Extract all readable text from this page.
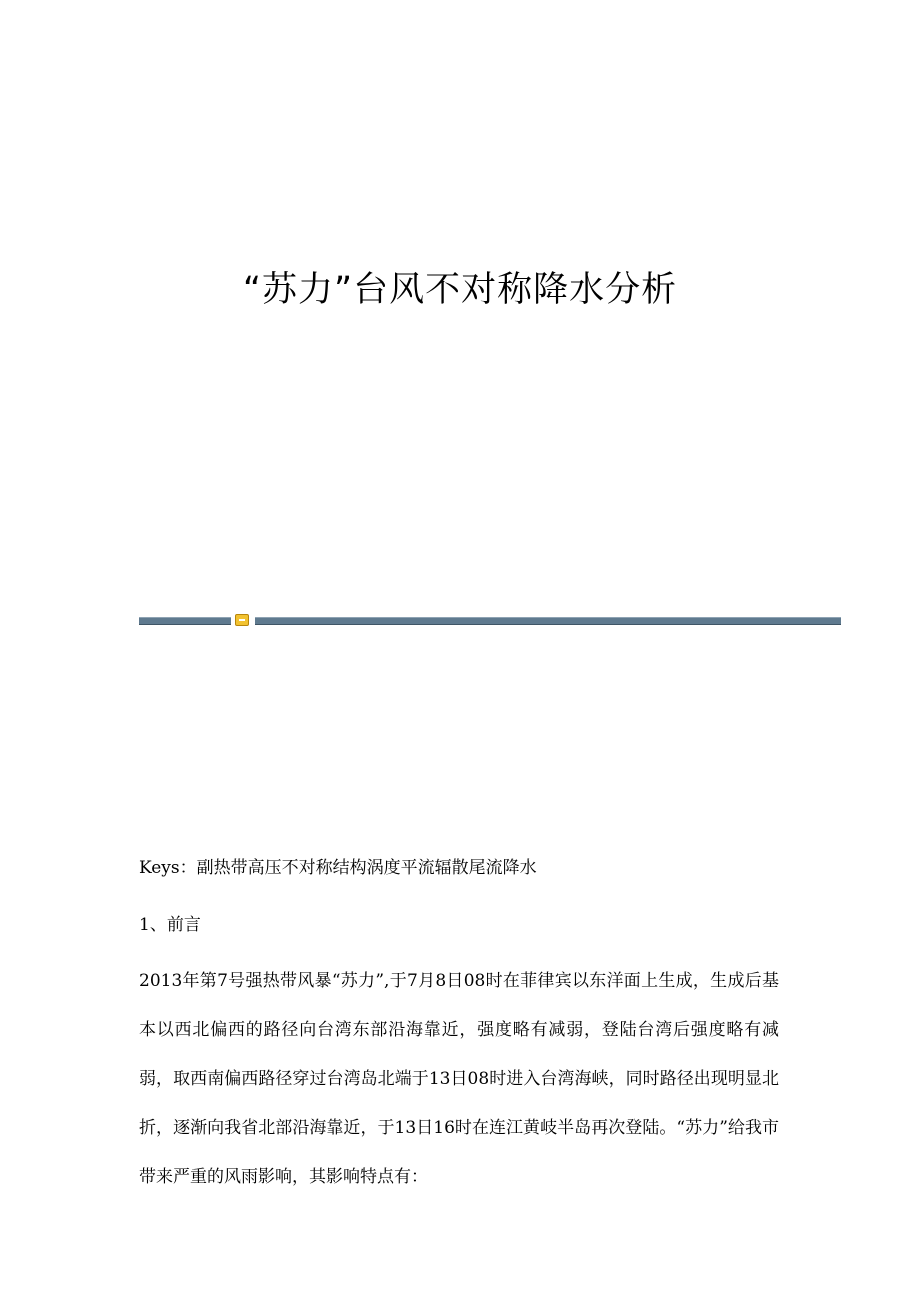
“苏力”台风不对称降水分析
Keys：副热带高压不对称结构涡度平流辐散尾流降水
1、前言
2013年第7号强热带风暴“苏力”,于7月8日08时在菲律宾以东洋面上生成，生成后基本以西北偏西的路径向台湾东部沿海靠近，强度略有减弱，登陆台湾后强度略有减弱，取西南偏西路径穿过台湾岛北端于13日08时进入台湾海峡，同时路径出现明显北折，逐渐向我省北部沿海靠近，于13日16时在连江黄岐半岛再次登陆。“苏力”给我市带来严重的风雨影响，其影响特点有：
